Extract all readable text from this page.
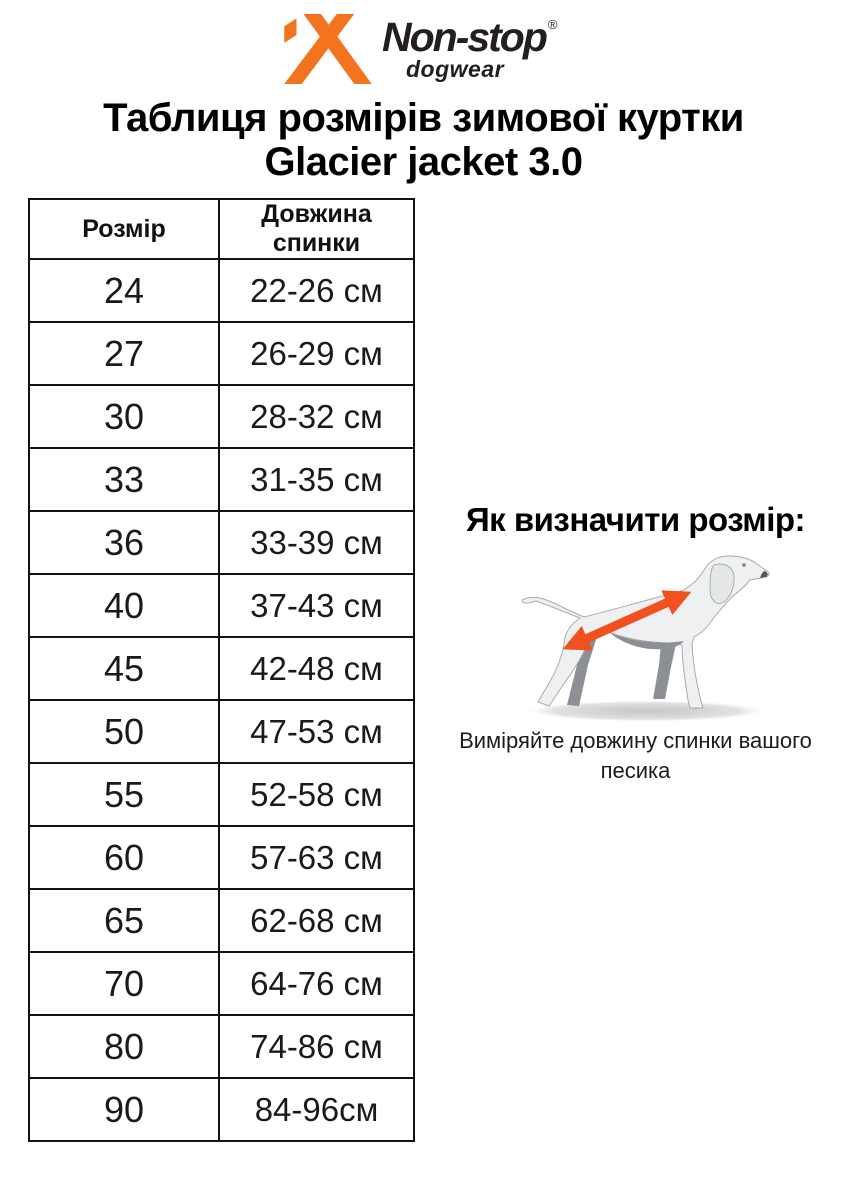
Non-stop ®
dogwear
Таблиця розмірів зимової куртки
Glacier jacket 3.0
Розмір	Довжина спинки
24	22-26 см
27	26-29 см
30	28-32 см
33	31-35 см
36	33-39 см
40	37-43 см
45	42-48 см
50	47-53 см
55	52-58 см
60	57-63 см
65	62-68 см
70	64-76 см
80	74-86 см
90	84-96см
Як визначити розмір:
Виміряйте довжину спинки вашого
песика
